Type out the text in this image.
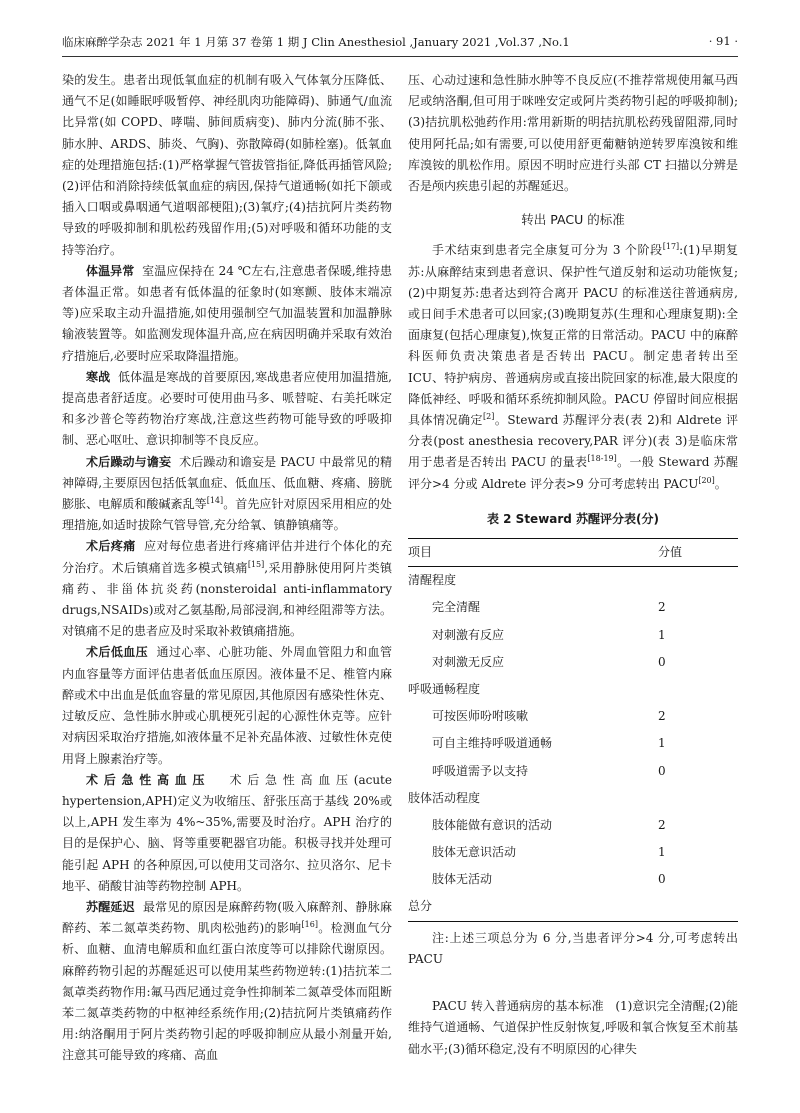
临床麻醉学杂志 2021 年 1 月第 37 卷第 1 期 J Clin Anesthesiol ,January 2021 ,Vol.37 ,No.1	· 91 ·

染的发生。患者出现低氧血症的机制有吸入气体氧分压降低、通气不足(如睡眠呼吸暂停、神经肌肉功能障碍)、肺通气/血流比异常(如 COPD、哮喘、肺间质病变)、肺内分流(肺不张、肺水肿、ARDS、肺炎、气胸)、弥散障碍(如肺栓塞)。低氧血症的处理措施包括:(1)严格掌握气管拔管指征,降低再插管风险;(2)评估和消除持续低氧血症的病因,保持气道通畅(如托下颌或插入口咽或鼻咽通气道咽部梗阻);(3)氧疗;(4)拮抗阿片类药物导致的呼吸抑制和肌松药残留作用;(5)对呼吸和循环功能的支持等治疗。

体温异常 室温应保持在 24 ℃左右,注意患者保暖,维持患者体温正常。如患者有低体温的征象时(如寒颤、肢体末端凉等)应采取主动升温措施,如使用强制空气加温装置和加温静脉输液装置等。如监测发现体温升高,应在病因明确并采取有效治疗措施后,必要时应采取降温措施。

寒战 低体温是寒战的首要原因,寒战患者应使用加温措施,提高患者舒适度。必要时可使用曲马多、哌替啶、右美托咪定和多沙普仑等药物治疗寒战,注意这些药物可能导致的呼吸抑制、恶心呕吐、意识抑制等不良反应。

术后躁动与谵妄 术后躁动和谵妄是 PACU 中最常见的精神障碍,主要原因包括低氧血症、低血压、低血糖、疼痛、膀胱膨胀、电解质和酸碱紊乱等[14]。首先应针对原因采用相应的处理措施,如适时拔除气管导管,充分给氧、镇静镇痛等。

术后疼痛 应对每位患者进行疼痛评估并进行个体化的充分治疗。术后镇痛首选多模式镇痛[15],采用静脉使用阿片类镇痛药、非甾体抗炎药(nonsteroidal anti-inflammatory drugs,NSAIDs)或对乙氨基酚,局部浸润,和神经阻滞等方法。对镇痛不足的患者应及时采取补救镇痛措施。

术后低血压 通过心率、心脏功能、外周血管阻力和血管内血容量等方面评估患者低血压原因。液体量不足、椎管内麻醉或术中出血是低血容量的常见原因,其他原因有感染性休克、过敏反应、急性肺水肿或心肌梗死引起的心源性休克等。应针对病因采取治疗措施,如液体量不足补充晶体液、过敏性休克使用肾上腺素治疗等。

术后急性高血压 术后急性高血压(acute hypertension,APH)定义为收缩压、舒张压高于基线 20%或以上,APH 发生率为 4%~35%,需要及时治疗。APH 治疗的目的是保护心、脑、肾等重要靶器官功能。积极寻找并处理可能引起 APH 的各种原因,可以使用艾司洛尔、拉贝洛尔、尼卡地平、硝酸甘油等药物控制 APH。

苏醒延迟 最常见的原因是麻醉药物(吸入麻醉剂、静脉麻醉药、苯二氮䓬类药物、肌肉松弛药)的影响[16]。检测血气分析、血糖、血清电解质和血红蛋白浓度等可以排除代谢原因。麻醉药物引起的苏醒延迟可以使用某些药物逆转:(1)拮抗苯二氮䓬类药物作用:氟马西尼通过竞争性抑制苯二氮䓬受体而阻断苯二氮䓬类药物的中枢神经系统作用;(2)拮抗阿片类镇痛药作用:纳洛酮用于阿片类药物引起的呼吸抑制应从最小剂量开始,注意其可能导致的疼痛、高血

压、心动过速和急性肺水肿等不良反应(不推荐常规使用氟马西尼或纳洛酮,但可用于咪唑安定或阿片类药物引起的呼吸抑制);(3)拮抗肌松弛药作用:常用新斯的明拮抗肌松药残留阻滞,同时使用阿托品;如有需要,可以使用舒更葡糖钠逆转罗库溴铵和维库溴铵的肌松作用。原因不明时应进行头部 CT 扫描以分辨是否是颅内疾患引起的苏醒延迟。

转出 PACU 的标准

手术结束到患者完全康复可分为 3 个阶段[17]:(1)早期复苏:从麻醉结束到患者意识、保护性气道反射和运动功能恢复;(2)中期复苏:患者达到符合离开 PACU 的标准送往普通病房,或日间手术患者可以回家;(3)晚期复苏(生理和心理康复期):全面康复(包括心理康复),恢复正常的日常活动。PACU 中的麻醉科医师负责决策患者是否转出 PACU。制定患者转出至 ICU、特护病房、普通病房或直接出院回家的标准,最大限度的降低神经、呼吸和循环系统抑制风险。PACU 停留时间应根据具体情况确定[2]。Steward 苏醒评分表(表 2)和 Aldrete 评分表(post anesthesia recovery,PAR 评分)(表 3)是临床常用于患者是否转出 PACU 的量表[18-19]。一般 Steward 苏醒评分>4 分或 Aldrete 评分表>9 分可考虑转出 PACU[20]。

表 2 Steward 苏醒评分表(分)
项目	分值
清醒程度	
完全清醒	2
对刺激有反应	1
对刺激无反应	0
呼吸通畅程度	
可按医师吩咐咳嗽	2
可自主维持呼吸道通畅	1
呼吸道需予以支持	0
肢体活动程度	
肢体能做有意识的活动	2
肢体无意识活动	1
肢体无活动	0
总分	

注:上述三项总分为 6 分,当患者评分>4 分,可考虑转出 PACU

PACU 转入普通病房的基本标准 (1)意识完全清醒;(2)能维持气道通畅、气道保护性反射恢复,呼吸和氧合恢复至术前基础水平;(3)循环稳定,没有不明原因的心律失
